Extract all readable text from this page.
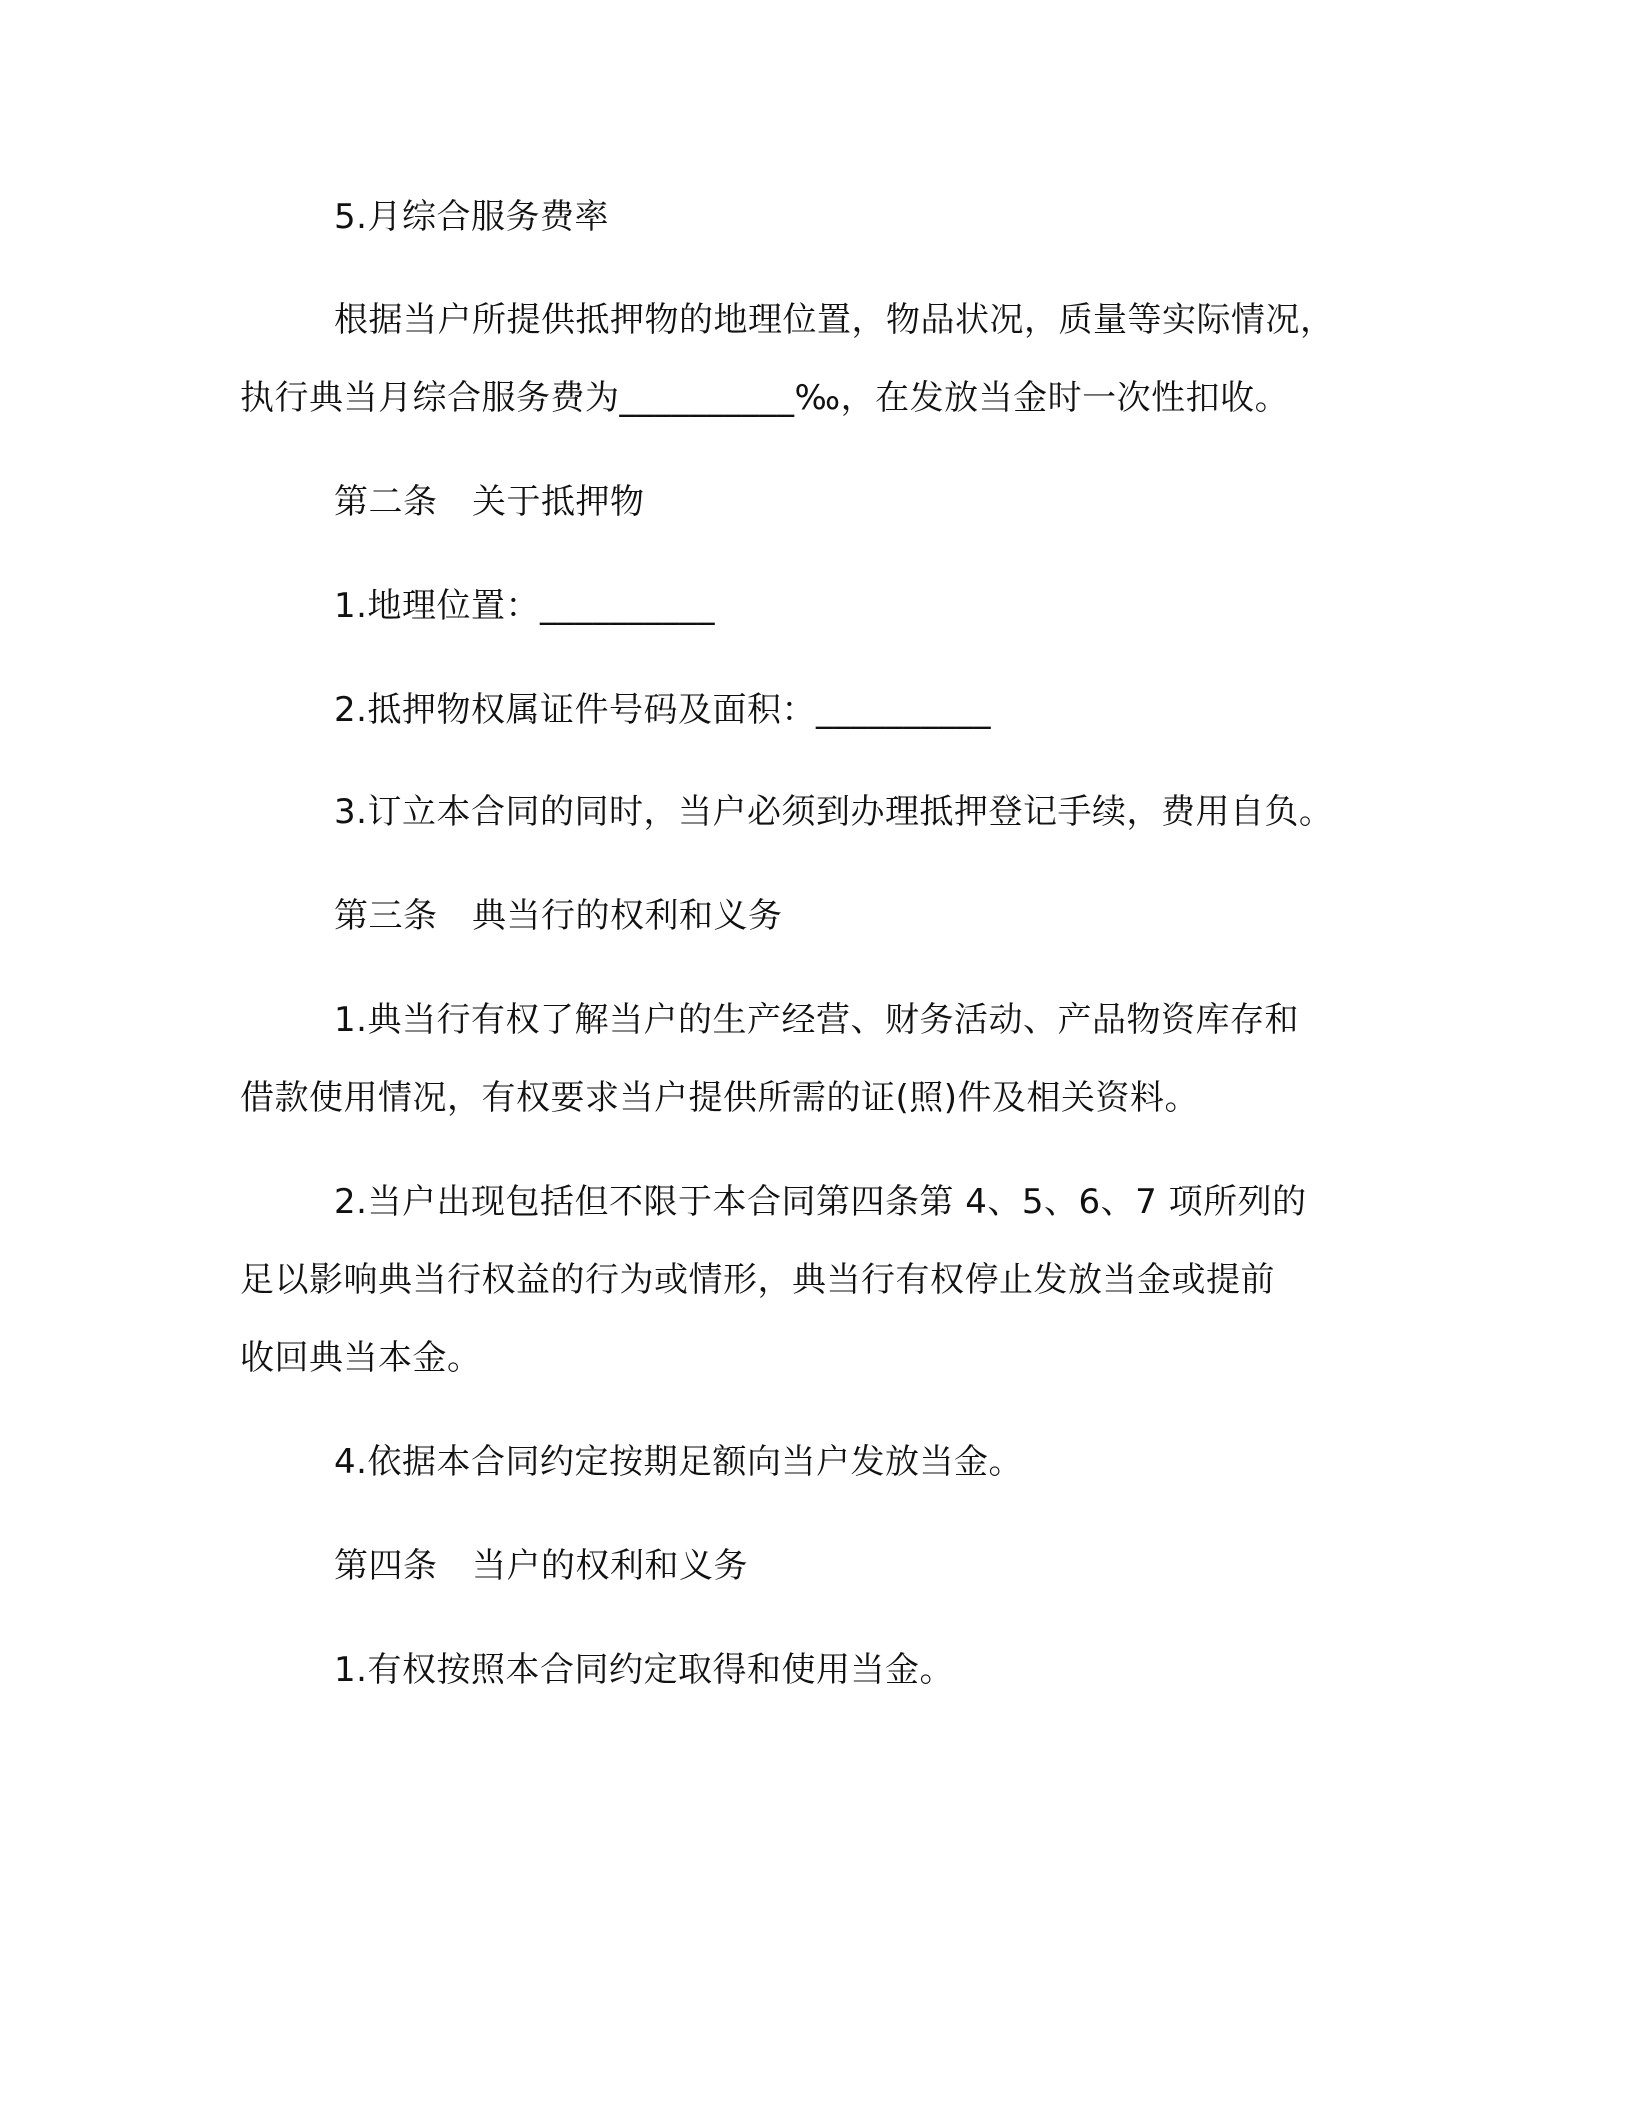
5.月综合服务费率
根据当户所提供抵押物的地理位置，物品状况，质量等实际情况，
执行典当月综合服务费为__________‰，在发放当金时一次性扣收。
第二条　关于抵押物
1.地理位置：__________
2.抵押物权属证件号码及面积：__________
3.订立本合同的同时，当户必须到办理抵押登记手续，费用自负。
第三条　典当行的权利和义务
1.典当行有权了解当户的生产经营、财务活动、产品物资库存和
借款使用情况，有权要求当户提供所需的证(照)件及相关资料。
2.当户出现包括但不限于本合同第四条第 4、5、6、7 项所列的
足以影响典当行权益的行为或情形，典当行有权停止发放当金或提前
收回典当本金。
4.依据本合同约定按期足额向当户发放当金。
第四条　当户的权利和义务
1.有权按照本合同约定取得和使用当金。
